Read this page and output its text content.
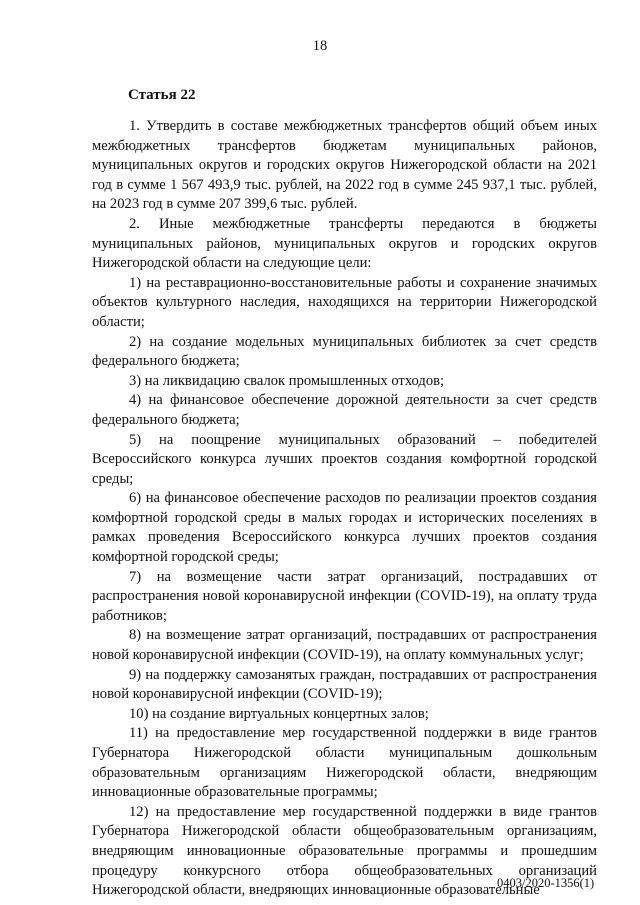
18
Статья 22

1. Утвердить в составе межбюджетных трансфертов общий объем иных межбюджетных трансфертов бюджетам муниципальных районов, муниципальных округов и городских округов Нижегородской области на 2021 год в сумме 1 567 493,9 тыс. рублей, на 2022 год в сумме 245 937,1 тыс. рублей, на 2023 год в сумме 207 399,6 тыс. рублей.

2. Иные межбюджетные трансферты передаются в бюджеты муниципальных районов, муниципальных округов и городских округов Нижегородской области на следующие цели:

1) на реставрационно-восстановительные работы и сохранение значимых объектов культурного наследия, находящихся на территории Нижегородской области;

2) на создание модельных муниципальных библиотек за счет средств федерального бюджета;

3) на ликвидацию свалок промышленных отходов;

4) на финансовое обеспечение дорожной деятельности за счет средств федерального бюджета;

5) на поощрение муниципальных образований – победителей Всероссийского конкурса лучших проектов создания комфортной городской среды;

6) на финансовое обеспечение расходов по реализации проектов создания комфортной городской среды в малых городах и исторических поселениях в рамках проведения Всероссийского конкурса лучших проектов создания комфортной городской среды;

7) на возмещение части затрат организаций, пострадавших от распространения новой коронавирусной инфекции (COVID-19), на оплату труда работников;

8) на возмещение затрат организаций, пострадавших от распространения новой коронавирусной инфекции (COVID-19), на оплату коммунальных услуг;

9) на поддержку самозанятых граждан, пострадавших от распространения новой коронавирусной инфекции (COVID-19);

10) на создание виртуальных концертных залов;

11) на предоставление мер государственной поддержки в виде грантов Губернатора Нижегородской области муниципальным дошкольным образовательным организациям Нижегородской области, внедряющим инновационные образовательные программы;

12) на предоставление мер государственной поддержки в виде грантов Губернатора Нижегородской области общеобразовательным организациям, внедряющим инновационные образовательные программы и прошедшим процедуру конкурсного отбора общеобразовательных организаций Нижегородской области, внедряющих инновационные образовательные

0403/2020-1356(1)
